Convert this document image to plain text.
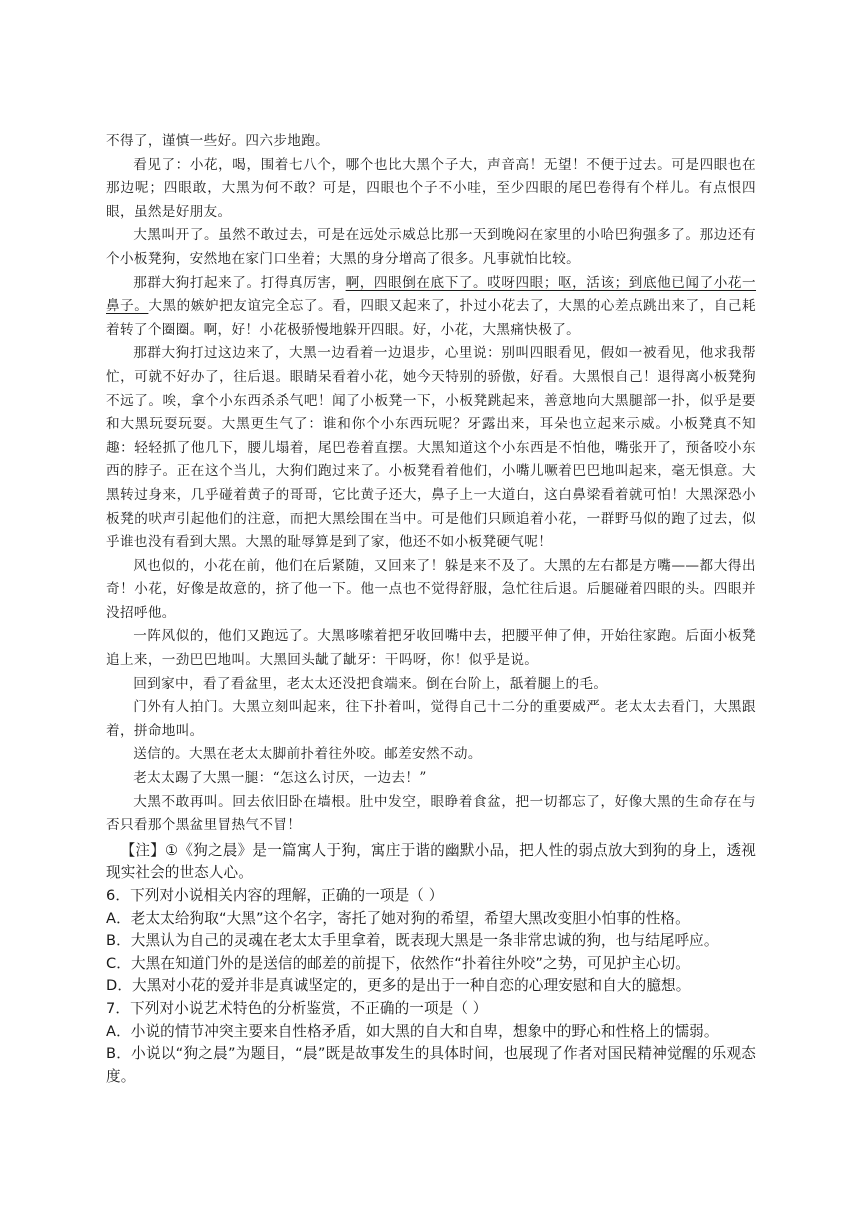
不得了，谨慎一些好。四六步地跑。

看见了：小花，喝，围着七八个，哪个也比大黑个子大，声音高！无望！不便于过去。可是四眼也在那边呢；四眼敢，大黑为何不敢？可是，四眼也个子不小哇，至少四眼的尾巴卷得有个样儿。有点恨四眼，虽然是好朋友。

大黑叫开了。虽然不敢过去，可是在远处示威总比那一天到晚闷在家里的小哈巴狗强多了。那边还有个小板凳狗，安然地在家门口坐着；大黑的身分增高了很多。凡事就怕比较。

那群大狗打起来了。打得真厉害，啊，四眼倒在底下了。哎呀四眼；呕，活该；到底他已闻了小花一鼻子。大黑的嫉妒把友谊完全忘了。看，四眼又起来了，扑过小花去了，大黑的心差点跳出来了，自己耗着转了个圈圈。啊，好！小花极骄慢地躲开四眼。好，小花，大黑痛快极了。

那群大狗打过这边来了，大黑一边看着一边退步，心里说：别叫四眼看见，假如一被看见，他求我帮忙，可就不好办了，往后退。眼睛呆看着小花，她今天特别的骄傲，好看。大黑恨自己！退得离小板凳狗不远了。唉，拿个小东西杀杀气吧！闻了小板凳一下，小板凳跳起来，善意地向大黑腿部一扑，似乎是要和大黑玩耍玩耍。大黑更生气了：谁和你个小东西玩呢？牙露出来，耳朵也立起来示威。小板凳真不知趣：轻轻抓了他几下，腰儿塌着，尾巴卷着直摆。大黑知道这个小东西是不怕他，嘴张开了，预备咬小东西的脖子。正在这个当儿，大狗们跑过来了。小板凳看着他们，小嘴儿噘着巴巴地叫起来，毫无惧意。大黑转过身来，几乎碰着黄子的哥哥，它比黄子还大，鼻子上一大道白，这白鼻梁看着就可怕！大黑深恐小板凳的吠声引起他们的注意，而把大黑绘围在当中。可是他们只顾追着小花，一群野马似的跑了过去，似乎谁也没有看到大黑。大黑的耻辱算是到了家，他还不如小板凳硬气呢！

风也似的，小花在前，他们在后紧随，又回来了！躲是来不及了。大黑的左右都是方嘴——都大得出奇！小花，好像是故意的，挤了他一下。他一点也不觉得舒服，急忙往后退。后腿碰着四眼的头。四眼并没招呼他。

一阵风似的，他们又跑远了。大黑哆嗦着把牙收回嘴中去，把腰平伸了伸，开始往家跑。后面小板凳追上来，一劲巴巴地叫。大黑回头龇了龇牙：干吗呀，你！似乎是说。

回到家中，看了看盆里，老太太还没把食端来。倒在台阶上，舐着腿上的毛。

门外有人拍门。大黑立刻叫起来，往下扑着叫，觉得自己十二分的重要威严。老太太去看门，大黑跟着，拼命地叫。

送信的。大黑在老太太脚前扑着往外咬。邮差安然不动。

老太太踢了大黑一腿：“怎这么讨厌，一边去！”

大黑不敢再叫。回去依旧卧在墙根。肚中发空，眼睁着食盆，把一切都忘了，好像大黑的生命存在与否只看那个黑盆里冒热气不冒！

【注】①《狗之晨》是一篇寓人于狗，寓庄于谐的幽默小品，把人性的弱点放大到狗的身上，透视现实社会的世态人心。

6．下列对小说相关内容的理解，正确的一项是（ ）

A．老太太给狗取“大黑”这个名字，寄托了她对狗的希望，希望大黑改变胆小怕事的性格。

B．大黑认为自己的灵魂在老太太手里拿着，既表现大黑是一条非常忠诚的狗，也与结尾呼应。

C．大黑在知道门外的是送信的邮差的前提下，依然作“扑着往外咬”之势，可见护主心切。

D．大黑对小花的爱并非是真诚坚定的，更多的是出于一种自恋的心理安慰和自大的臆想。

7．下列对小说艺术特色的分析鉴赏，不正确的一项是（ ）

A．小说的情节冲突主要来自性格矛盾，如大黑的自大和自卑，想象中的野心和性格上的懦弱。

B．小说以“狗之晨”为题目，“晨”既是故事发生的具体时间，也展现了作者对国民精神觉醒的乐观态度。
